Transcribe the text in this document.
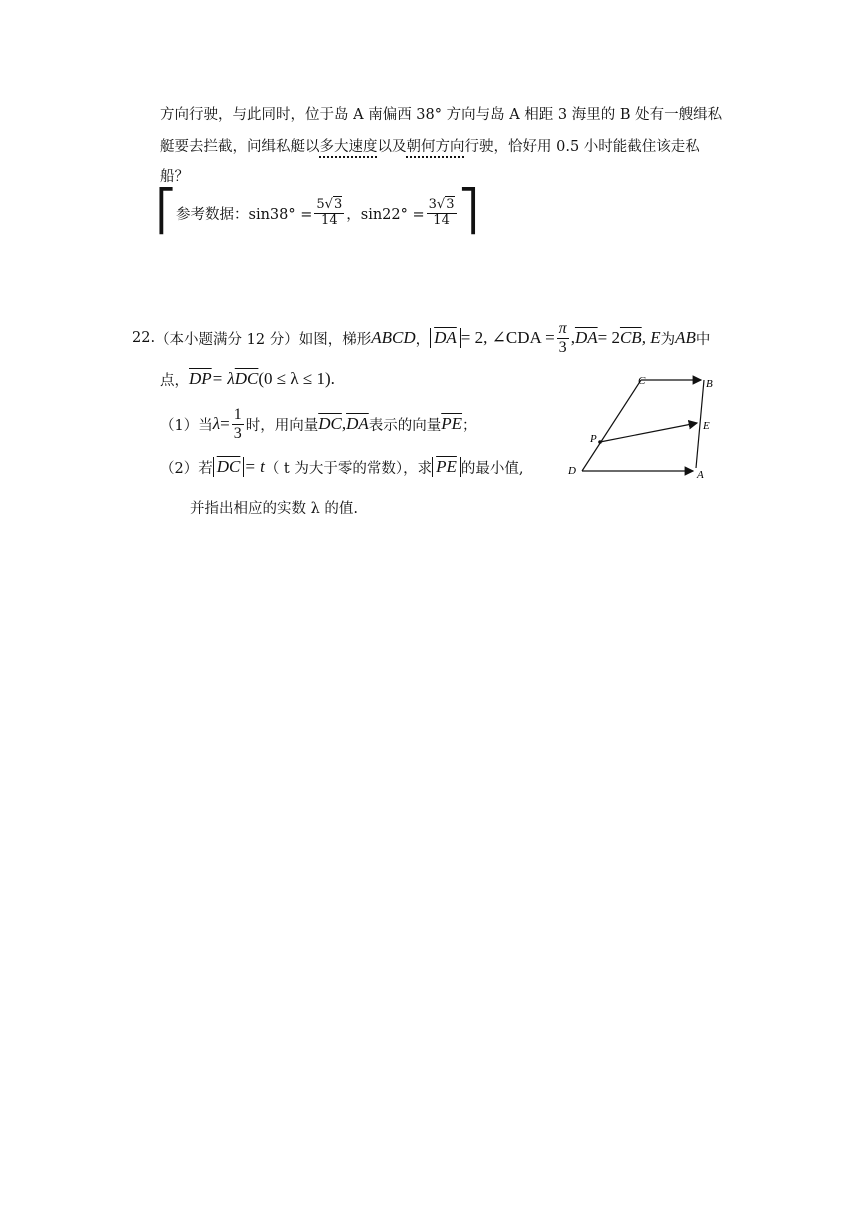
方向行驶，与此同时，位于岛 A 南偏西 38° 方向与岛 A 相距 3 海里的 B 处有一艘缉私
艇要去拦截，问缉私艇以多大速度以及朝何方向行驶，恰好用 0.5 小时能截住该走私
船？
⎡ 参考数据：$\sin 38^\circ = \frac{5√3}{14}$ ，$\sin 22^\circ = \frac{3√3}{14}$ ⎤
22. （本小题满分 12 分） 如图，梯形 ABCD ， $\overline{DA} = 2$, ∠CDA = $\frac{\pi}{3}$ , $\overline{DA} = 2$ $\overline{CB}$ , E 为 AB 中
点， $\overline{DP} = \lambda$ $\overline{DC}$ (0 ≤ λ ≤ 1) .
（1）当 $\lambda = \frac{1}{3}$ 时，用向量 $\overline{DC}$ , $\overline{DA}$ 表示的向量 $\overline{PE}$ ；
（2）若 $\overline{DC} = t$ （ t 为大于零的常数），求 $\overline{PE}$ 的最小值,
并指出相应的实数 λ 的值.
C	B
E
P
D	A
